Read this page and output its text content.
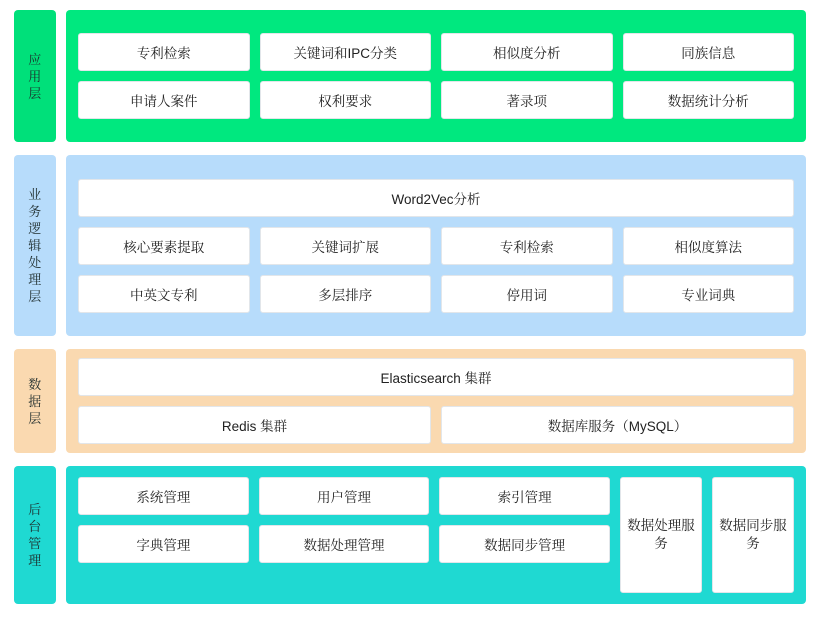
应用层
专利检索	关键词和IPC分类	相似度分析	同族信息
申请人案件	权利要求	著录项	数据统计分析
业务逻辑处理层
Word2Vec分析
核心要素提取	关键词扩展	专利检索	相似度算法
中英文专利	多层排序	停用词	专业词典
数据层
Elasticsearch 集群
Redis 集群	数据库服务（MySQL）
后台管理
系统管理	用户管理	索引管理
字典管理	数据处理管理	数据同步管理
数据处理服务
数据同步服务
